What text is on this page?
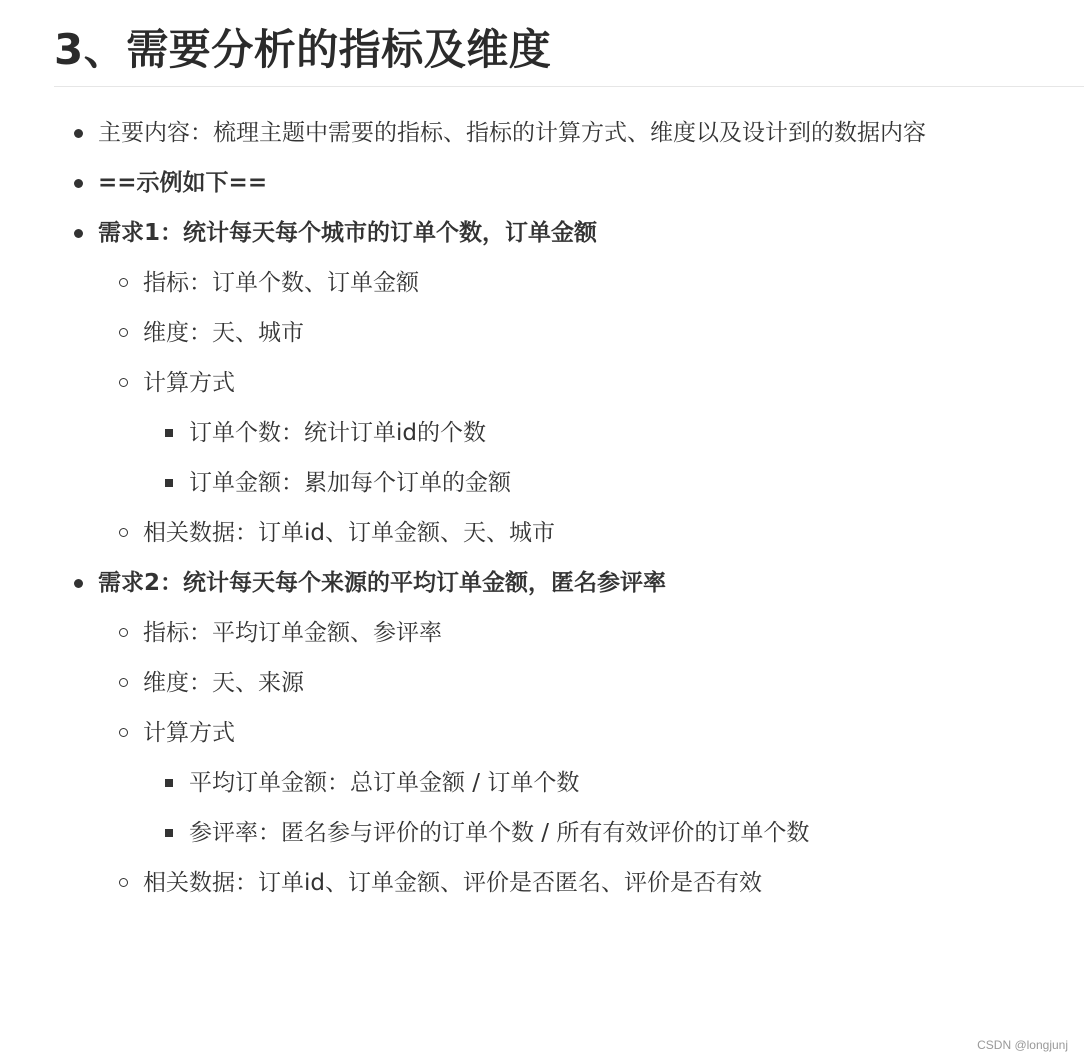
3、需要分析的指标及维度
主要内容：梳理主题中需要的指标、指标的计算方式、维度以及设计到的数据内容
==示例如下==
需求1：统计每天每个城市的订单个数，订单金额
指标：订单个数、订单金额
维度：天、城市
计算方式
订单个数：统计订单id的个数
订单金额：累加每个订单的金额
相关数据：订单id、订单金额、天、城市
需求2：统计每天每个来源的平均订单金额，匿名参评率
指标：平均订单金额、参评率
维度：天、来源
计算方式
平均订单金额：总订单金额 / 订单个数
参评率：匿名参与评价的订单个数 / 所有有效评价的订单个数
相关数据：订单id、订单金额、评价是否匿名、评价是否有效
CSDN @longjunj
